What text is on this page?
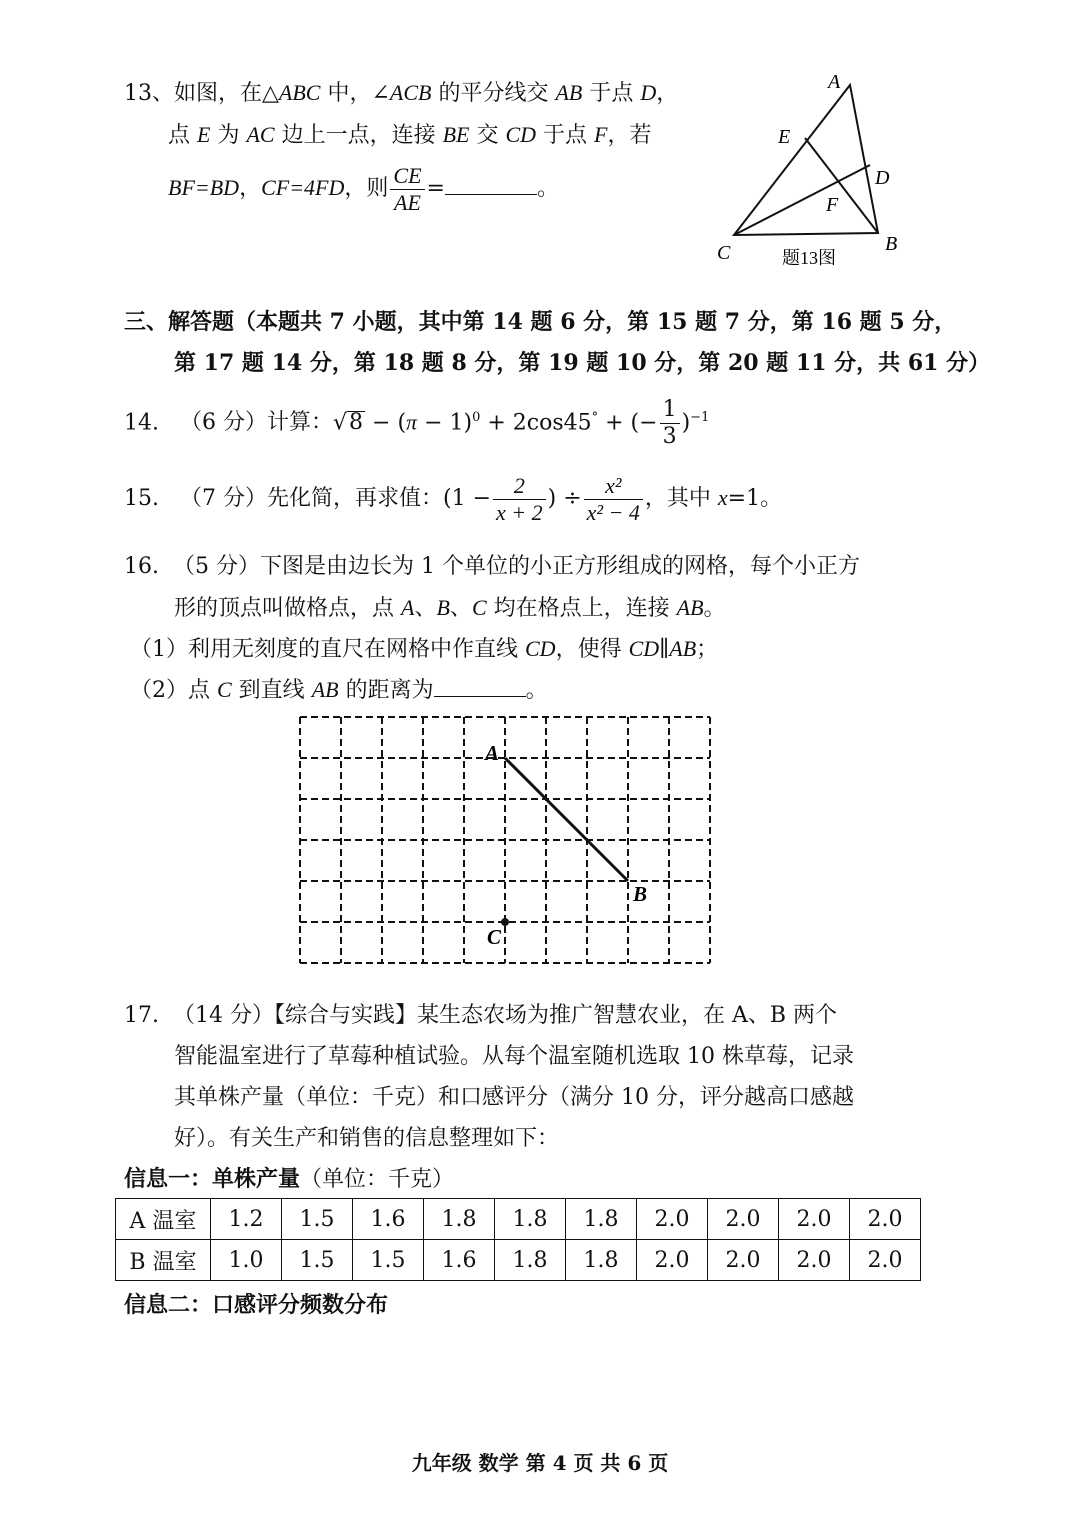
13、如图，在△ABC 中，∠ACB 的平分线交 AB 于点 D，
点 E 为 AC 边上一点，连接 BE 交 CD 于点 F，若
BF=BD，CF=4FD，则 $\frac{CE}{AE}$ =	。
A
E
D
F
C	B
题13图
三、解答题（本题共 7 小题，其中第 14 题 6 分，第 15 题 7 分，第 16 题 5 分，
第 17 题 14 分，第 18 题 8 分，第 19 题 10 分，第 20 题 11 分，共 61 分）
14. （6 分）计算：$√8 - (\pi - 1)^0 + 2\cos 45^\circ$ + (− $\frac{1}{3} )^{-1}$
15. （7 分）先化简，再求值：($1 - \frac{2}{x + 2}$ ) ÷ $\frac{\text{x²}}{\text{x² − 4}}$ ，其中 x=1。
16. （5 分）下图是由边长为 1 个单位的小正方形组成的网格，每个小正方
形的顶点叫做格点，点 A、B、C 均在格点上，连接 AB。
（1）利用无刻度的直尺在网格中作直线 CD，使得 CD∥AB；
（2）点 C 到直线 AB 的距离为	。
A
B
C
17. （14 分）【综合与实践】某生态农场为推广智慧农业，在 A、B 两个
智能温室进行了草莓种植试验。从每个温室随机选取 10 株草莓，记录
其单株产量（单位：千克）和口感评分（满分 10 分，评分越高口感越
好）。有关生产和销售的信息整理如下：
信息一：单株产量（单位：千克）
A 温室	1.2	1.5	1.6	1.8	1.8	1.8	2.0	2.0	2.0	2.0
B 温室	1.0	1.5	1.5	1.6	1.8	1.8	2.0	2.0	2.0	2.0
信息二：口感评分频数分布
九年级 数学 第 4 页 共 6 页
